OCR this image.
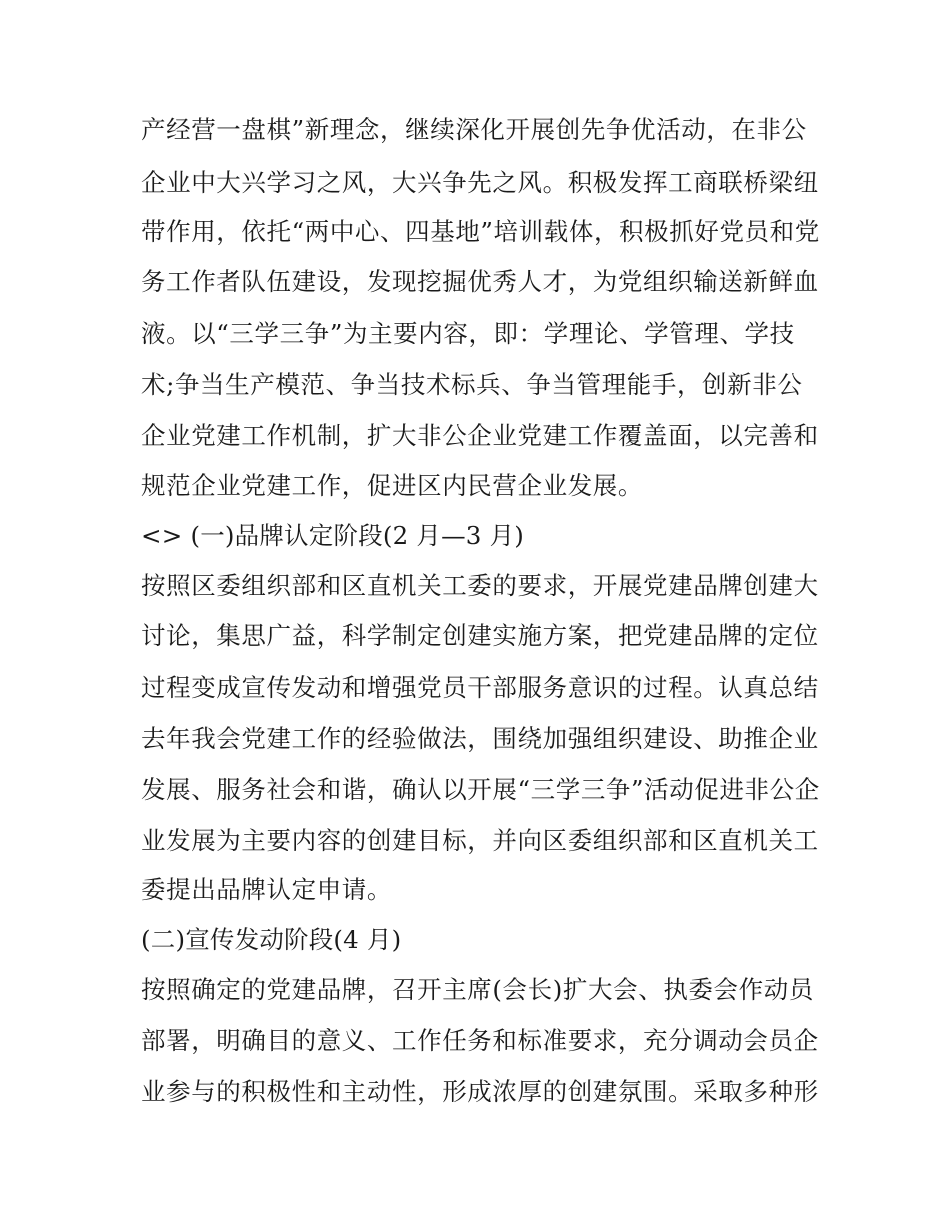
产经营一盘棋”新理念，继续深化开展创先争优活动，在非公

企业中大兴学习之风，大兴争先之风。积极发挥工商联桥梁纽

带作用，依托“两中心、四基地”培训载体，积极抓好党员和党

务工作者队伍建设，发现挖掘优秀人才，为党组织输送新鲜血

液。以“三学三争”为主要内容，即：学理论、学管理、学技

术;争当生产模范、争当技术标兵、争当管理能手，创新非公

企业党建工作机制，扩大非公企业党建工作覆盖面，以完善和

规范企业党建工作，促进区内民营企业发展。

<> (一)品牌认定阶段(2 月—3 月)

按照区委组织部和区直机关工委的要求，开展党建品牌创建大

讨论，集思广益，科学制定创建实施方案，把党建品牌的定位

过程变成宣传发动和增强党员干部服务意识的过程。认真总结

去年我会党建工作的经验做法，围绕加强组织建设、助推企业

发展、服务社会和谐，确认以开展“三学三争”活动促进非公企

业发展为主要内容的创建目标，并向区委组织部和区直机关工

委提出品牌认定申请。

(二)宣传发动阶段(4 月)

按照确定的党建品牌，召开主席(会长)扩大会、执委会作动员

部署，明确目的意义、工作任务和标准要求，充分调动会员企

业参与的积极性和主动性，形成浓厚的创建氛围。采取多种形
